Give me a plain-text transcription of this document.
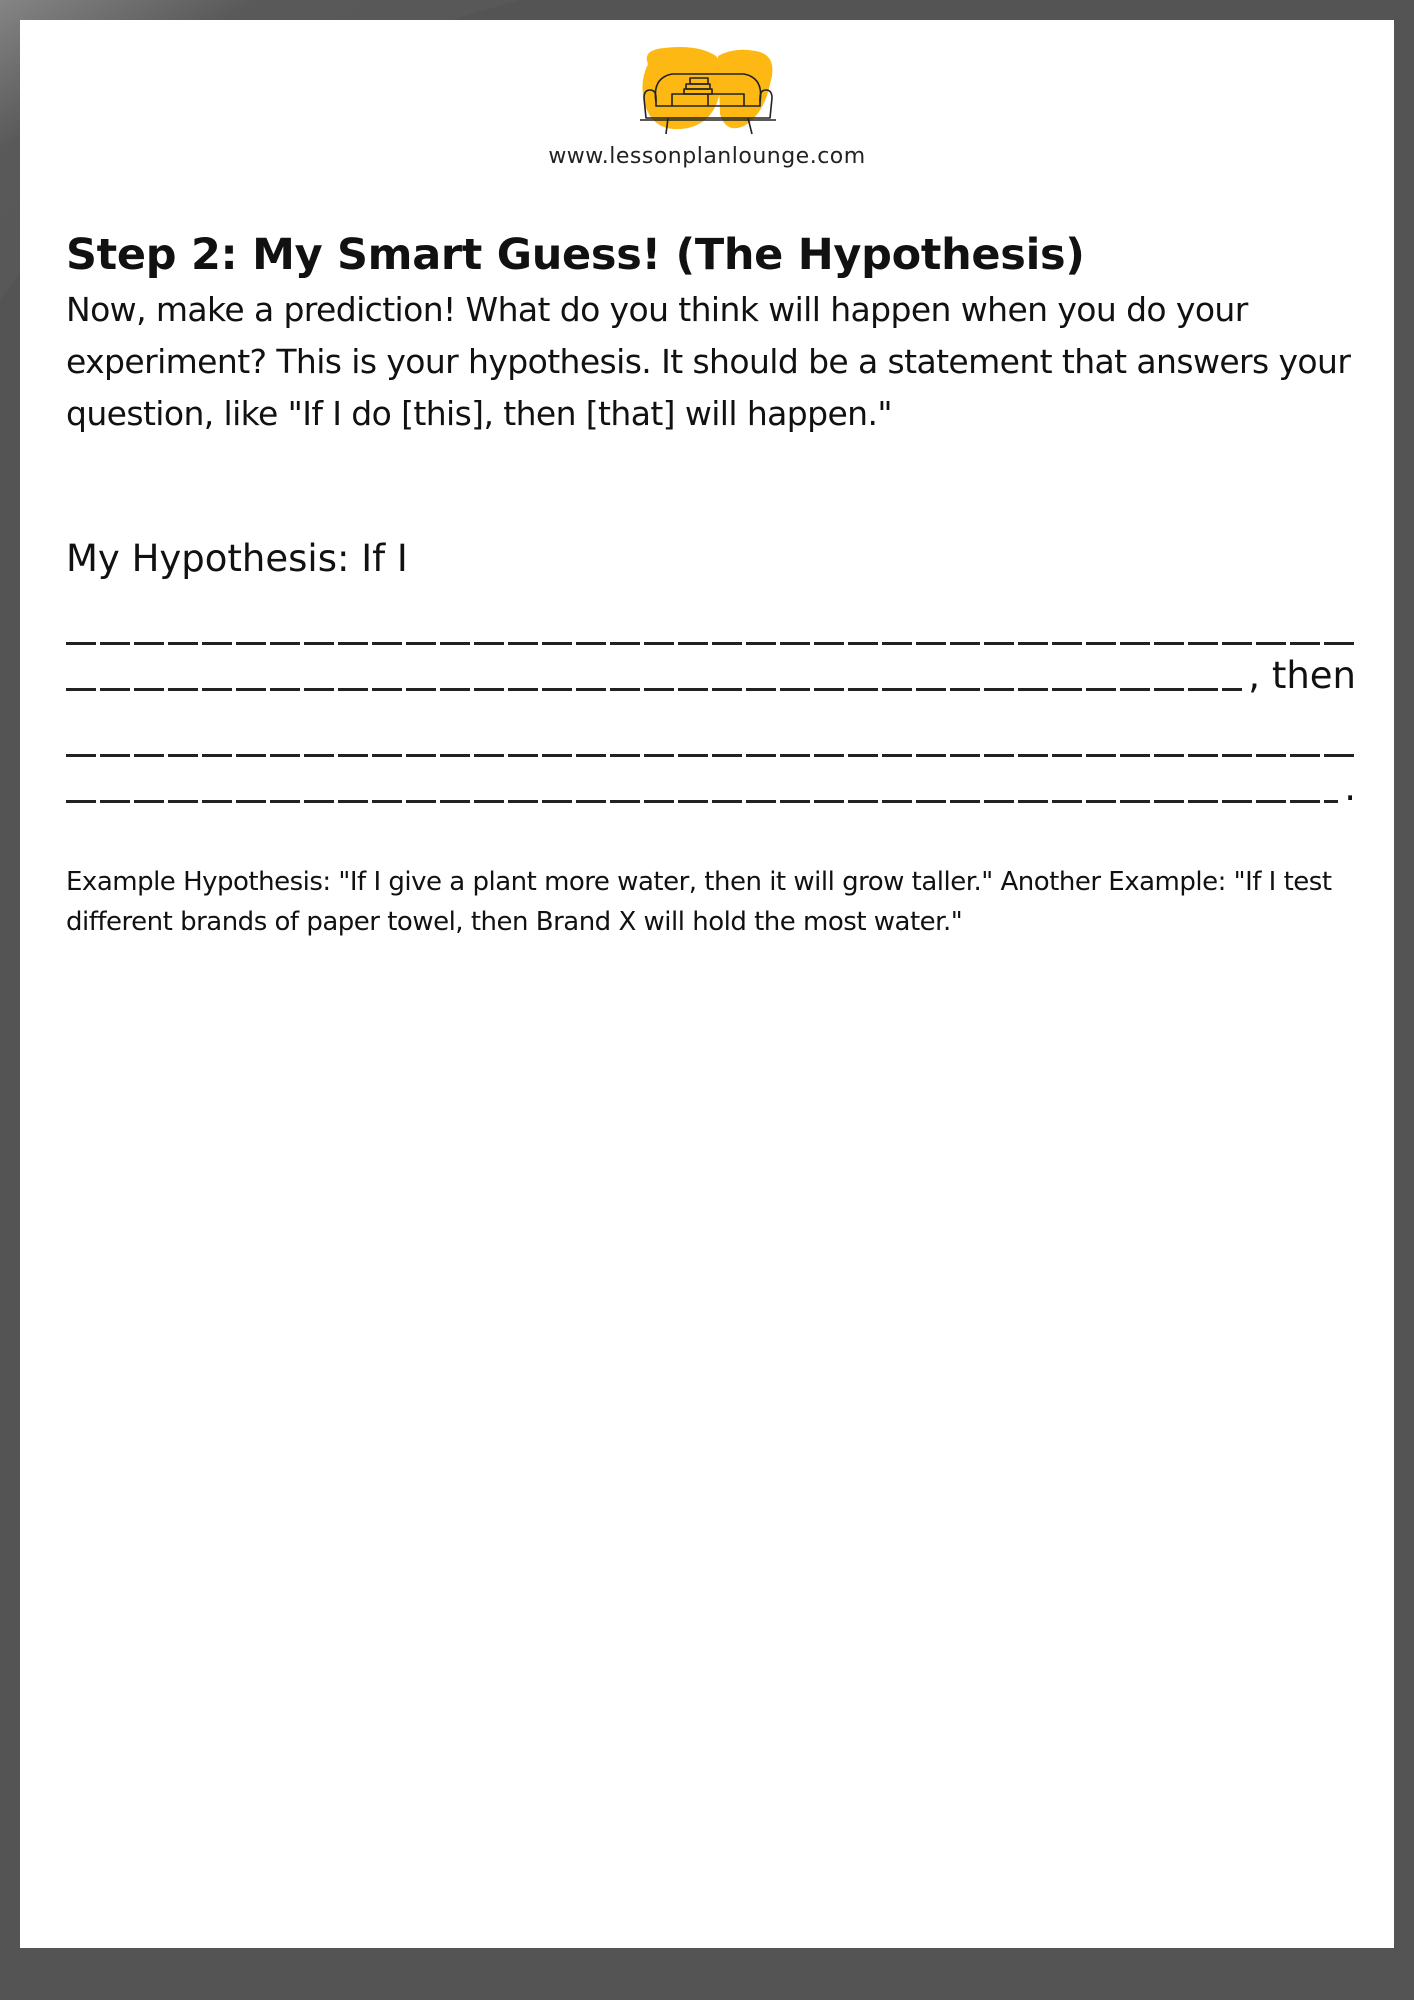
www.lessonplanlounge.com
Step 2: My Smart Guess! (The Hypothesis)

Now, make a prediction! What do you think will happen when you do your experiment? This is your hypothesis. It should be a statement that answers your question, like "If I do [this], then [that] will happen."

My Hypothesis: If I

, then
.

Example Hypothesis: "If I give a plant more water, then it will grow taller." Another Example: "If I test different brands of paper towel, then Brand X will hold the most water."
